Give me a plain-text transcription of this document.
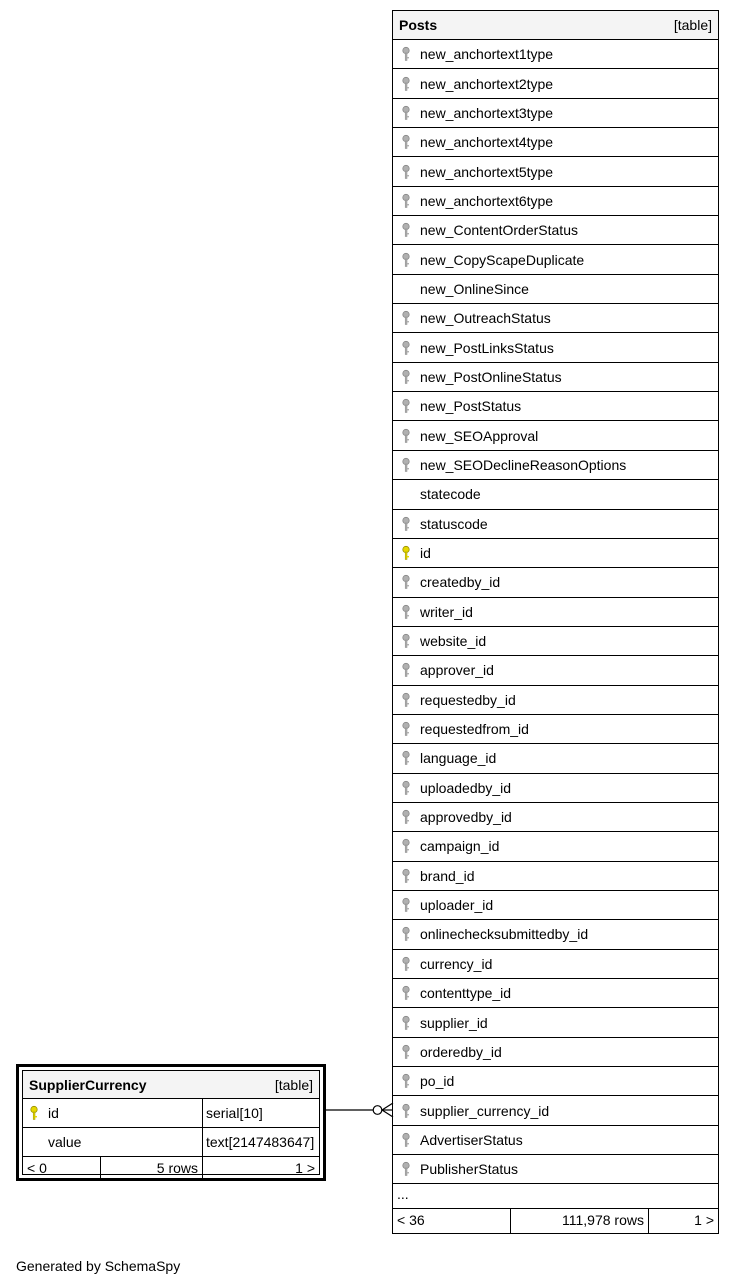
Posts	[table]
new_anchortext1type
new_anchortext2type
new_anchortext3type
new_anchortext4type
new_anchortext5type
new_anchortext6type
new_ContentOrderStatus
new_CopyScapeDuplicate
new_OnlineSince
new_OutreachStatus
new_PostLinksStatus
new_PostOnlineStatus
new_PostStatus
new_SEOApproval
new_SEODeclineReasonOptions
statecode
statuscode
id
createdby_id
writer_id
website_id
approver_id
requestedby_id
requestedfrom_id
language_id
uploadedby_id
approvedby_id
campaign_id
brand_id
uploader_id
onlinechecksubmittedby_id
currency_id
contenttype_id
supplier_id
orderedby_id
po_id
supplier_currency_id
AdvertiserStatus
PublisherStatus
...
< 36	111,978 rows	1 >
SupplierCurrency	[table]
id	serial[10]
value	text[2147483647]
< 0	5 rows	1 >
Generated by SchemaSpy
